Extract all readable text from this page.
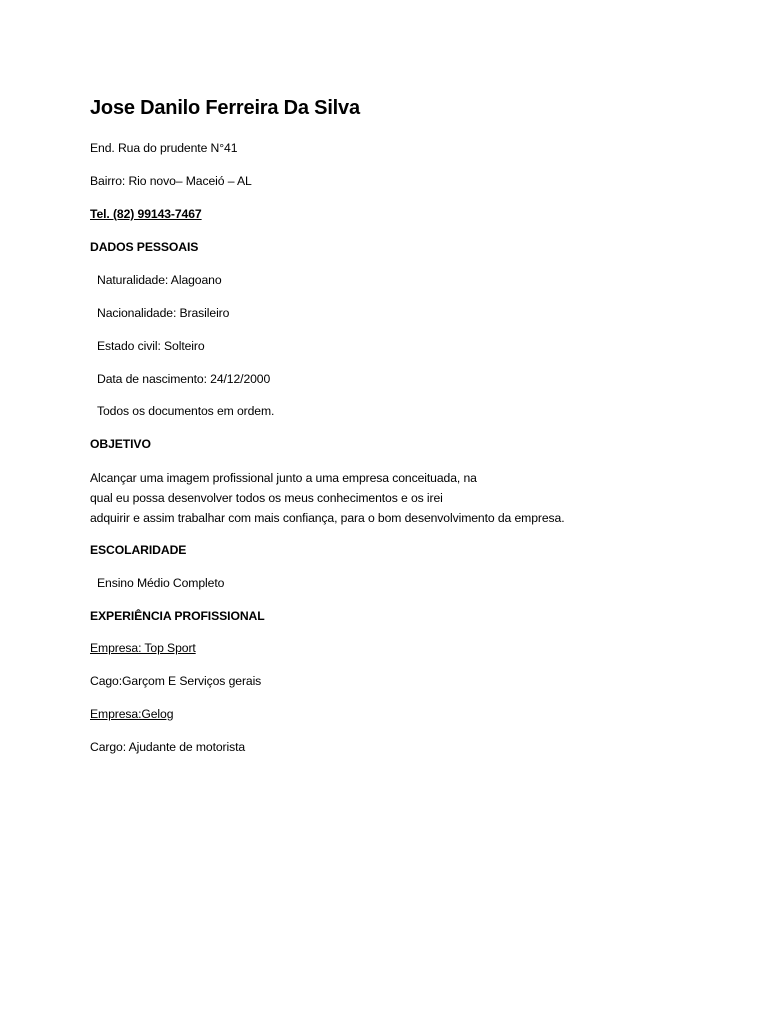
Jose Danilo Ferreira Da Silva
End. Rua do prudente N°41
Bairro: Rio novo– Maceió – AL
Tel. (82) 99143-7467
DADOS PESSOAIS
Naturalidade: Alagoano
Nacionalidade: Brasileiro
Estado civil: Solteiro
Data de nascimento: 24/12/2000
Todos os documentos em ordem.
OBJETIVO
Alcançar uma imagem profissional junto a uma empresa conceituada, na
qual eu possa desenvolver todos os meus conhecimentos e os irei
adquirir e assim trabalhar com mais confiança, para o bom desenvolvimento da empresa.
ESCOLARIDADE
Ensino Médio Completo
EXPERIÊNCIA PROFISSIONAL
Empresa: Top Sport
Cago:Garçom E Serviços gerais
Empresa:Gelog
Cargo: Ajudante de motorista
